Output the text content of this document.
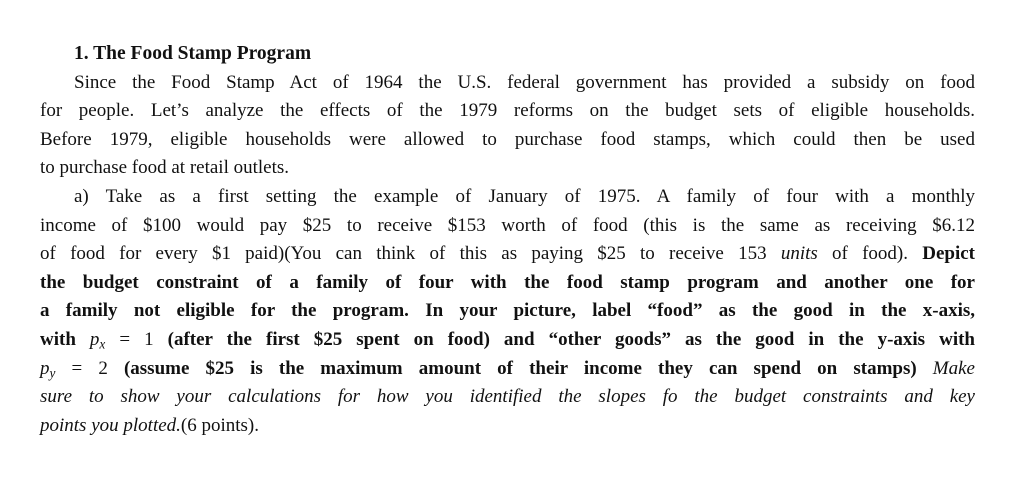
1. The Food Stamp Program

Since the Food Stamp Act of 1964 the U.S. federal government has provided a subsidy on food
for people. Let’s analyze the effects of the 1979 reforms on the budget sets of eligible households.
Before 1979, eligible households were allowed to purchase food stamps, which could then be used
to purchase food at retail outlets.
a) Take as a first setting the example of January of 1975. A family of four with a monthly
income of $100 would pay $25 to receive $153 worth of food (this is the same as receiving $6.12
of food for every $1 paid)(You can think of this as paying $25 to receive 153 units of food). Depict
the budget constraint of a family of four with the food stamp program and another one for
a family not eligible for the program. In your picture, label “food” as the good in the x-axis,
with $p_x = 1$ (after the first $25 spent on food) and “other goods” as the good in the y-axis with
$p_y = 2$ (assume $25 is the maximum amount of their income they can spend on stamps) Make
sure to show your calculations for how you identified the slopes fo the budget constraints and key
points you plotted.(6 points).
